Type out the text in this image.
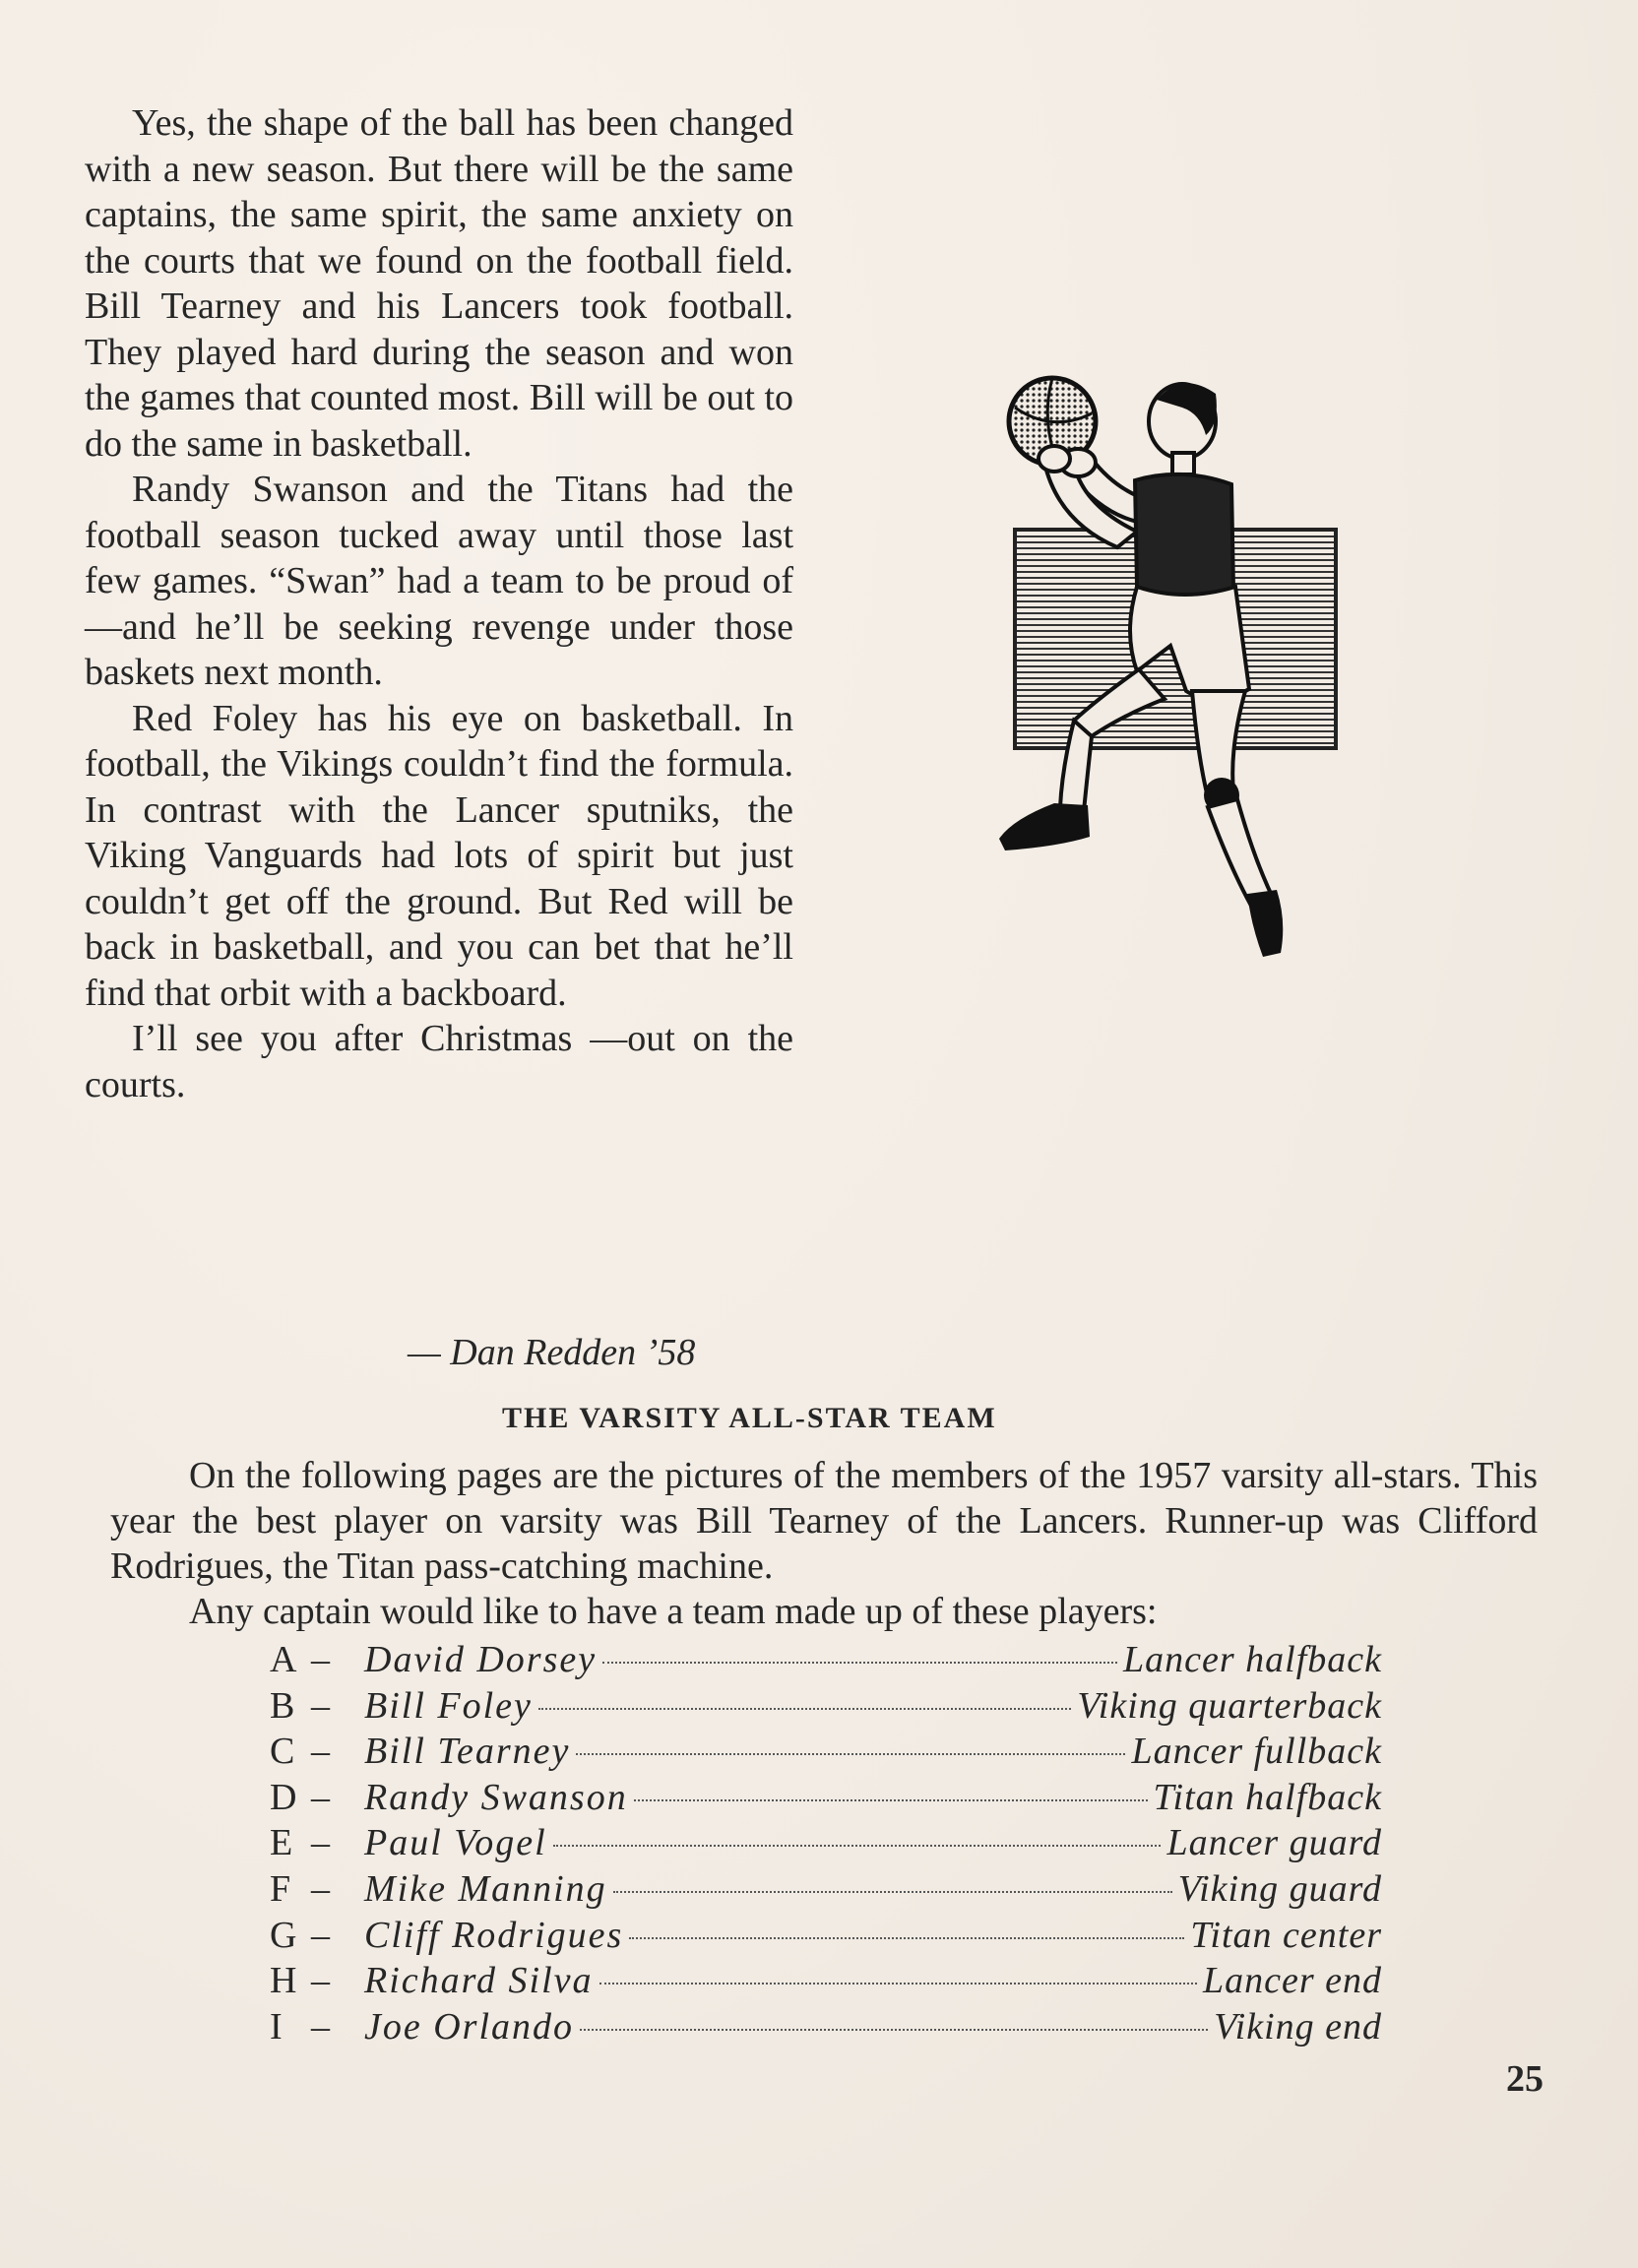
Yes, the shape of the ball has been changed with a new season. But there will be the same captains, the same spirit, the same anxiety on the courts that we found on the football field. Bill Tearney and his Lancers took football. They played hard during the season and won the games that counted most. Bill will be out to do the same in basketball.

Randy Swanson and the Titans had the football season tucked away until those last few games. “Swan” had a team to be proud of —and he’ll be seeking revenge under those baskets next month.

Red Foley has his eye on basketball. In football, the Vikings couldn’t find the formula. In contrast with the Lancer sputniks, the Viking Vanguards had lots of spirit but just couldn’t get off the ground. But Red will be back in basketball, and you can bet that he’ll find that orbit with a backboard.

I’ll see you after Christmas —out on the courts.

— Dan Redden ’58
THE VARSITY ALL-STAR TEAM

On the following pages are the pictures of the members of the 1957 varsity all-stars. This year the best player on varsity was Bill Tearney of the Lancers. Runner-up was Clifford Rodrigues, the Titan pass-catching machine.

Any captain would like to have a team made up of these players:

A – David Dorsey	Lancer halfback
B – Bill Foley	Viking quarterback
C – Bill Tearney	Lancer fullback
D – Randy Swanson	Titan halfback
E – Paul Vogel	Lancer guard
F – Mike Manning	Viking guard
G – Cliff Rodrigues	Titan center
H – Richard Silva	Lancer end
I – Joe Orlando	Viking end
25
